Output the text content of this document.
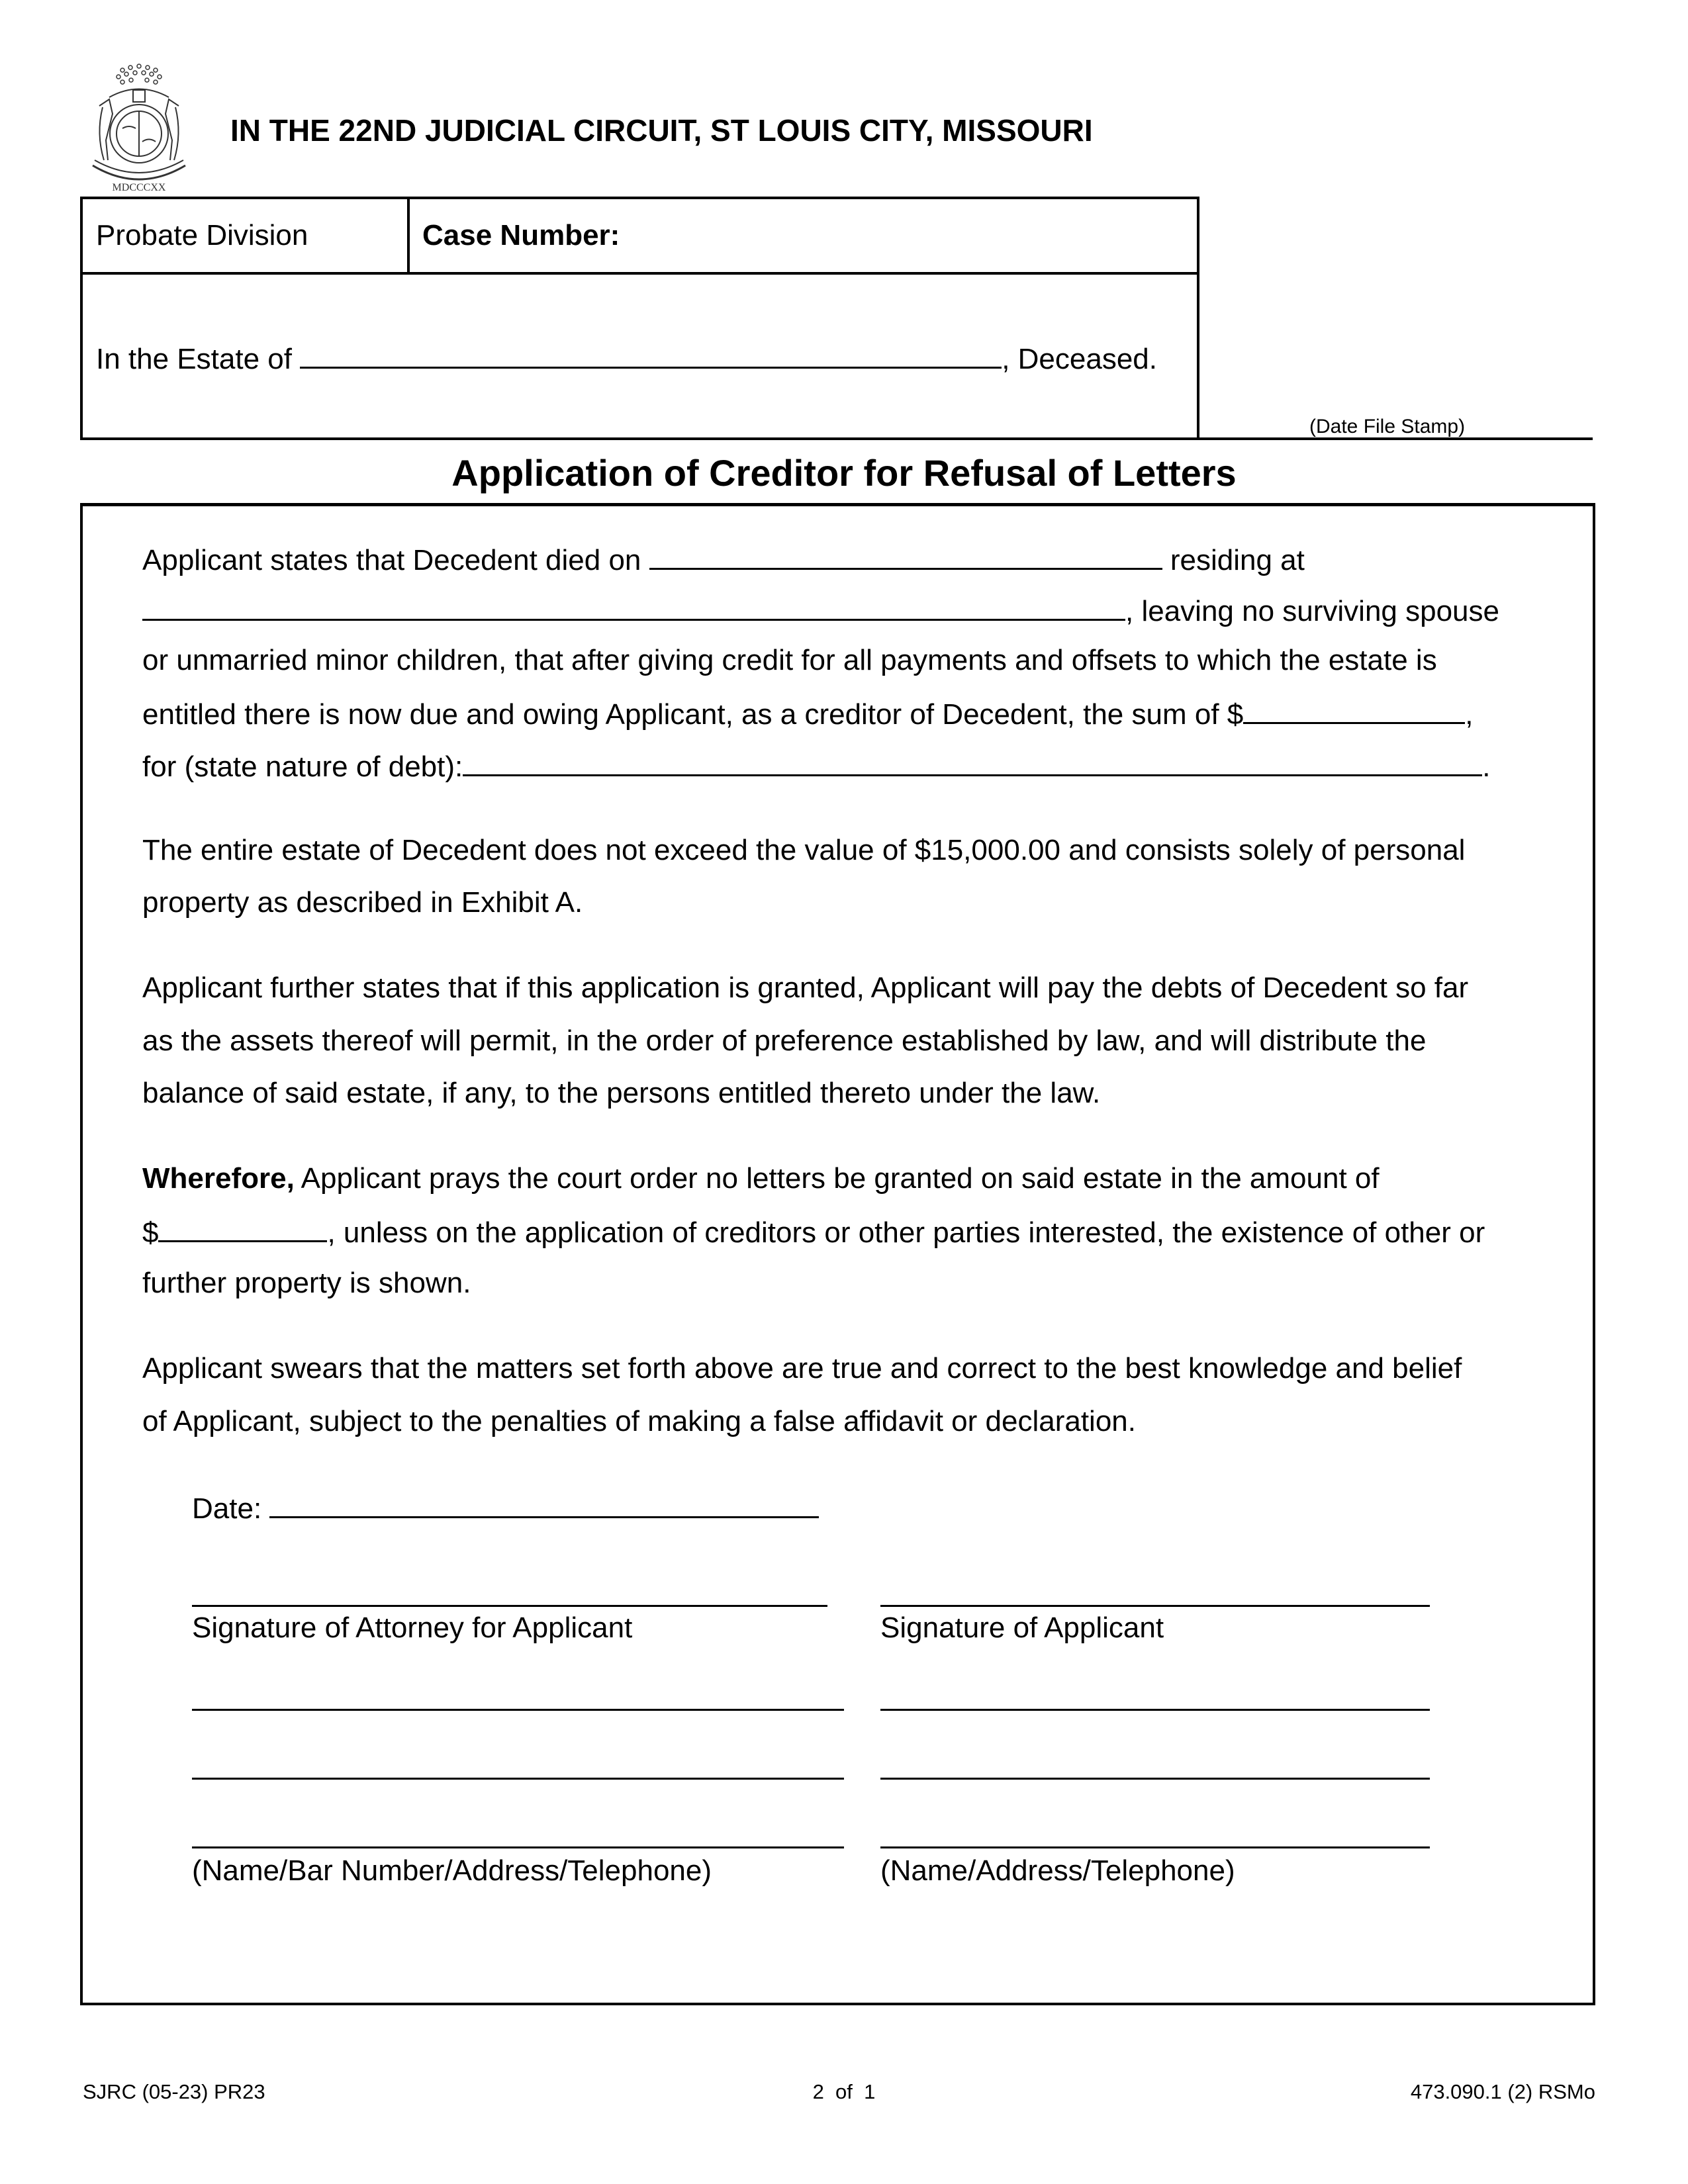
MDCCCXX
IN THE 22ND JUDICIAL CIRCUIT, ST LOUIS CITY, MISSOURI
Probate Division	Case Number:
In the Estate of	, Deceased.
(Date File Stamp)
Application of Creditor for Refusal of Letters
Applicant states that Decedent died on	residing at
, leaving no surviving spouse
or unmarried minor children, that after giving credit for all payments and offsets to which the estate is
entitled there is now due and owing Applicant, as a creditor of Decedent, the sum of $	,
for (state nature of debt):	.
The entire estate of Decedent does not exceed the value of $15,000.00 and consists solely of personal
property as described in Exhibit A.
Applicant further states that if this application is granted, Applicant will pay the debts of Decedent so far
as the assets thereof will permit, in the order of preference established by law, and will distribute the
balance of said estate, if any, to the persons entitled thereto under the law.
Wherefore, Applicant prays the court order no letters be granted on said estate in the amount of
$	, unless on the application of creditors or other parties interested, the existence of other or
further property is shown.
Applicant swears that the matters set forth above are true and correct to the best knowledge and belief
of Applicant, subject to the penalties of making a false affidavit or declaration.
Date:
Signature of Attorney for Applicant	Signature of Applicant
(Name/Bar Number/Address/Telephone)	(Name/Address/Telephone)
SJRC (05-23) PR23	2  of  1	473.090.1 (2) RSMo
